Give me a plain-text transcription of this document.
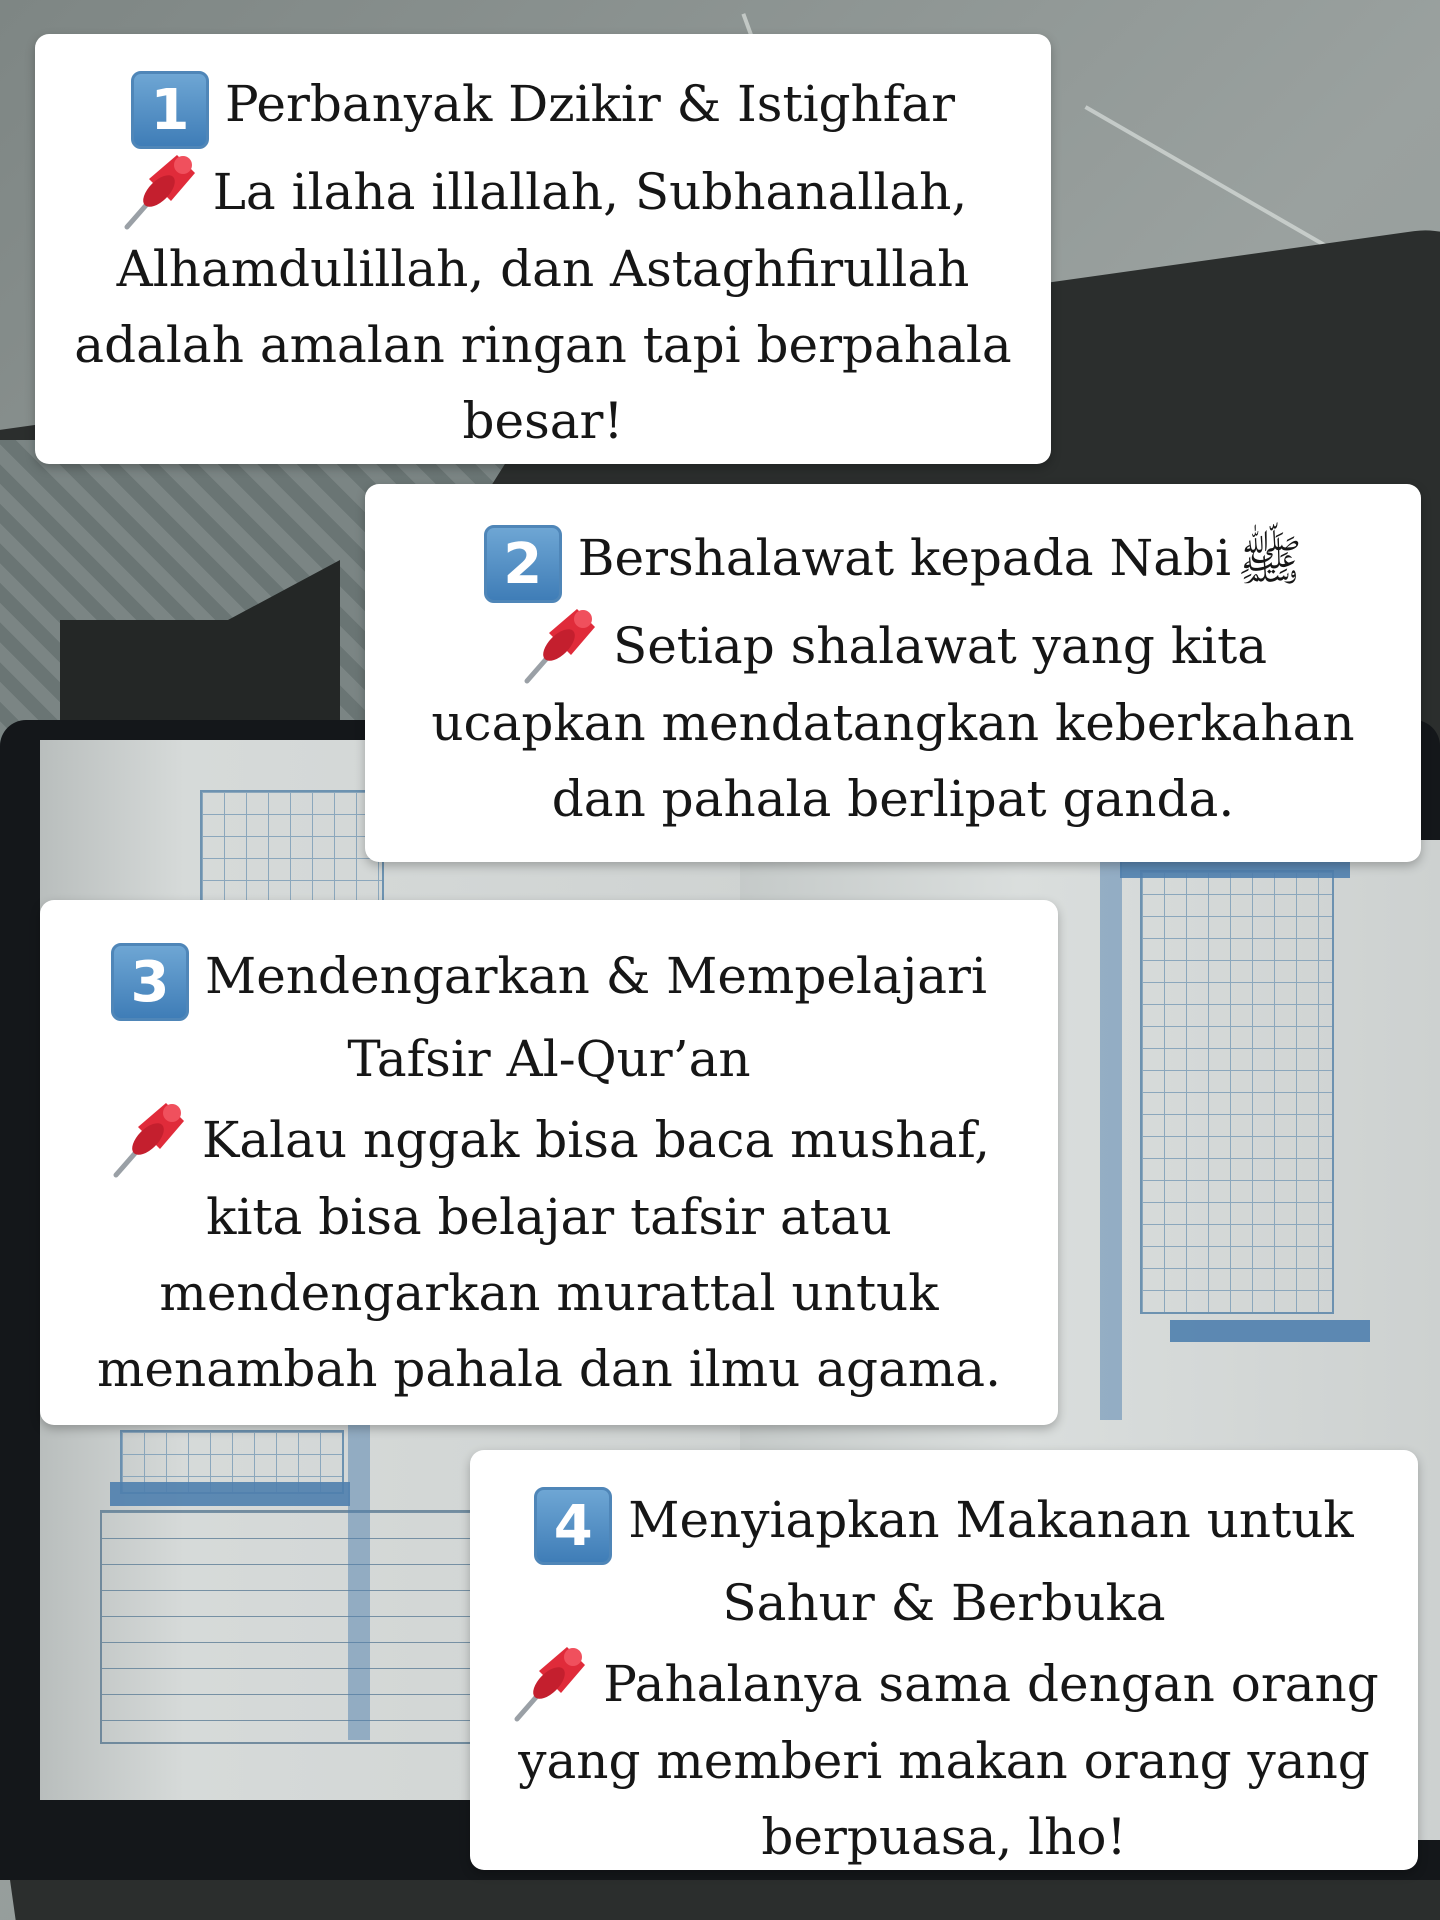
1 Perbanyak Dzikir & Istighfar
La ilaha illallah, Subhanallah,
Alhamdulillah, dan Astaghfirullah
adalah amalan ringan tapi berpahala
besar!
2 Bershalawat kepada Nabi ﷺ
Setiap shalawat yang kita
ucapkan mendatangkan keberkahan
dan pahala berlipat ganda.
3 Mendengarkan & Mempelajari
Tafsir Al-Qur’an
Kalau nggak bisa baca mushaf,
kita bisa belajar tafsir atau
mendengarkan murattal untuk
menambah pahala dan ilmu agama.
4 Menyiapkan Makanan untuk
Sahur & Berbuka
Pahalanya sama dengan orang
yang memberi makan orang yang
berpuasa, lho!
